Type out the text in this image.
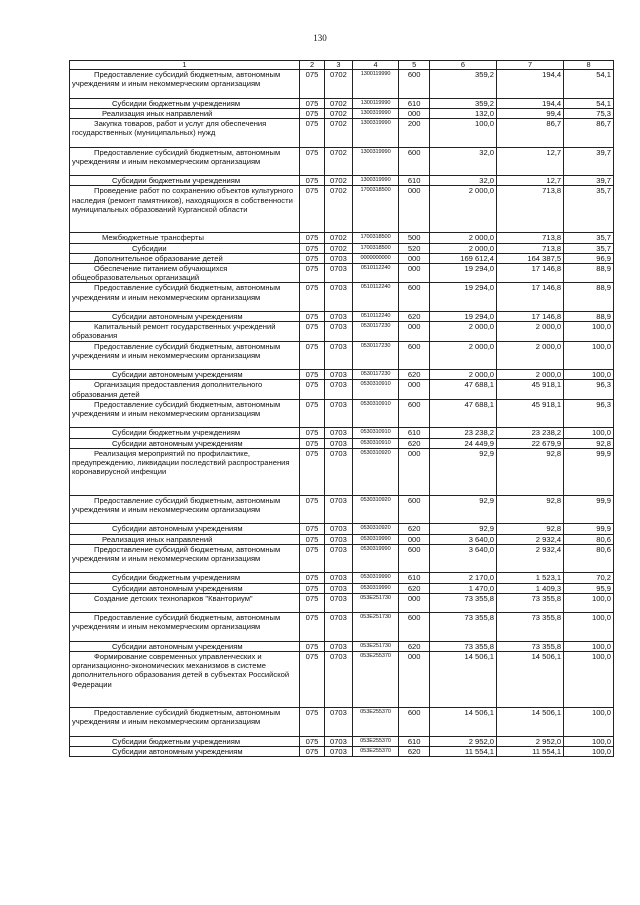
130
1	2	3	4	5	6	7	8
Предоставление субсидий бюджетным, автономным учреждениям и иным некоммерческим организациям	075	0702	1300119990	600	359,2	194,4	54,1
Субсидии бюджетным учреждениям	075	0702	1300119990	610	359,2	194,4	54,1
Реализация иных направлений	075	0702	1300319990	000	132,0	99,4	75,3
Закупка товаров, работ и услуг для обеспечения государственных (муниципальных) нужд	075	0702	1300319990	200	100,0	86,7	86,7
Предоставление субсидий бюджетным, автономным учреждениям и иным некоммерческим организациям	075	0702	1300319990	600	32,0	12,7	39,7
Субсидии бюджетным учреждениям	075	0702	1300319990	610	32,0	12,7	39,7
Проведение работ по сохранению объектов культурного наследия (ремонт памятников), находящихся в собственности муниципальных образований Курганской области	075	0702	1700318500	000	2 000,0	713,8	35,7
Межбюджетные трансферты	075	0702	1700318500	500	2 000,0	713,8	35,7
Субсидии	075	0702	1700318500	520	2 000,0	713,8	35,7
Дополнительное образование детей	075	0703	0000000000	000	169 612,4	164 387,5	96,9
Обеспечение питанием обучающихся общеобразовательных организаций	075	0703	0510112240	000	19 294,0	17 146,8	88,9
Предоставление субсидий бюджетным, автономным учреждениям и иным некоммерческим организациям	075	0703	0510112240	600	19 294,0	17 146,8	88,9
Субсидии автономным учреждениям	075	0703	0510112240	620	19 294,0	17 146,8	88,9
Капитальный ремонт государственных учреждений образования	075	0703	0530117230	000	2 000,0	2 000,0	100,0
Предоставление субсидий бюджетным, автономным учреждениям и иным некоммерческим организациям	075	0703	0530117230	600	2 000,0	2 000,0	100,0
Субсидии автономным учреждениям	075	0703	0530117230	620	2 000,0	2 000,0	100,0
Организация предоставления дополнительного образования детей	075	0703	0530310910	000	47 688,1	45 918,1	96,3
Предоставление субсидий бюджетным, автономным учреждениям и иным некоммерческим организациям	075	0703	0530310910	600	47 688,1	45 918,1	96,3
Субсидии бюджетным учреждениям	075	0703	0530310910	610	23 238,2	23 238,2	100,0
Субсидии автономным учреждениям	075	0703	0530310910	620	24 449,9	22 679,9	92,8
Реализация мероприятий по профилактике, предупреждению, ликвидации последствий распространения коронавирусной инфекции	075	0703	0530310920	000	92,9	92,8	99,9
Предоставление субсидий бюджетным, автономным учреждениям и иным некоммерческим организациям	075	0703	0530310920	600	92,9	92,8	99,9
Субсидии автономным учреждениям	075	0703	0530310920	620	92,9	92,8	99,9
Реализация иных направлений	075	0703	0530319990	000	3 640,0	2 932,4	80,6
Предоставление субсидий бюджетным, автономным учреждениям и иным некоммерческим организациям	075	0703	0530319990	600	3 640,0	2 932,4	80,6
Субсидии бюджетным учреждениям	075	0703	0530319990	610	2 170,0	1 523,1	70,2
Субсидии автономным учреждениям	075	0703	0530319990	620	1 470,0	1 409,3	95,9
Создание детских технопарков "Кванториум"	075	0703	053E251730	000	73 355,8	73 355,8	100,0
Предоставление субсидий бюджетным, автономным учреждениям и иным некоммерческим организациям	075	0703	053E251730	600	73 355,8	73 355,8	100,0
Субсидии автономным учреждениям	075	0703	053E251730	620	73 355,8	73 355,8	100,0
Формирование современных управленческих и организационно-экономических механизмов в системе дополнительного образования детей в субъектах Российской Федерации	075	0703	053E255370	000	14 506,1	14 506,1	100,0
Предоставление субсидий бюджетным, автономным учреждениям и иным некоммерческим организациям	075	0703	053E255370	600	14 506,1	14 506,1	100,0
Субсидии бюджетным учреждениям	075	0703	053E255370	610	2 952,0	2 952,0	100,0
Субсидии автономным учреждениям	075	0703	053E255370	620	11 554,1	11 554,1	100,0
